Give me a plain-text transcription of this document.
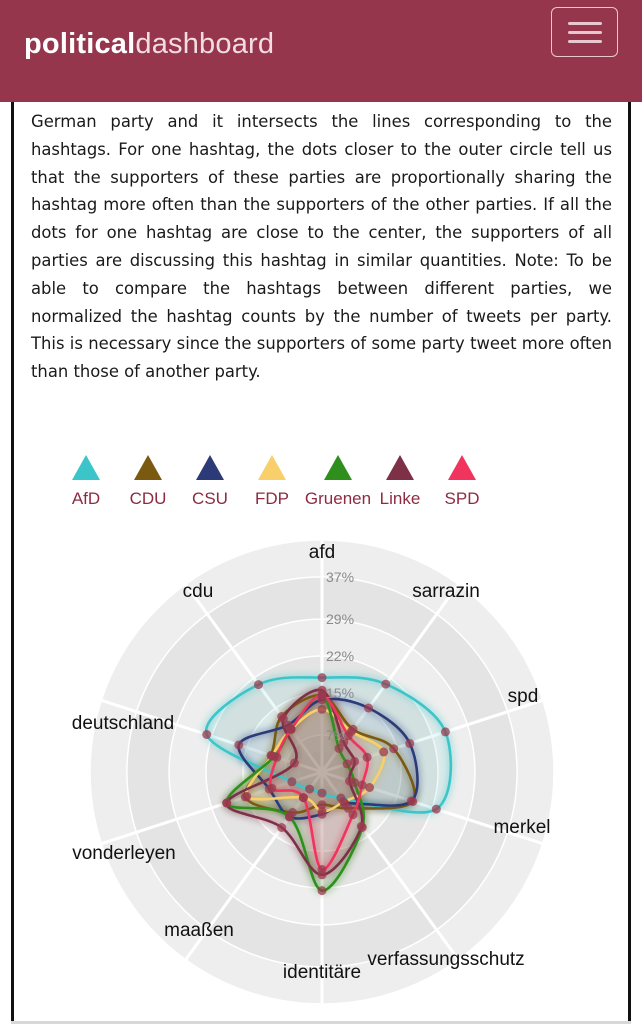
politicaldashboard

German party and it intersects the lines corresponding to the hashtags. For one hashtag, the dots closer to the outer circle tell us that the supporters of these parties are proportionally sharing the hashtag more often than the supporters of the other parties. If all the dots for one hashtag are close to the center, the supporters of all parties are discussing this hashtag in similar quantities. Note: To be able to compare the hashtags between different parties, we normalized the hashtag counts by the number of tweets per party. This is necessary since the supporters of some party tweet more often than those of another party.

AfD	CDU	CSU	FDP Gruenen Linke	SPD
7%
15%
22%
29%
37%
afd
sarrazin
spd
merkel
verfassungsschutz
identitäre
maaßen
vonderleyen
deutschland
cdu
